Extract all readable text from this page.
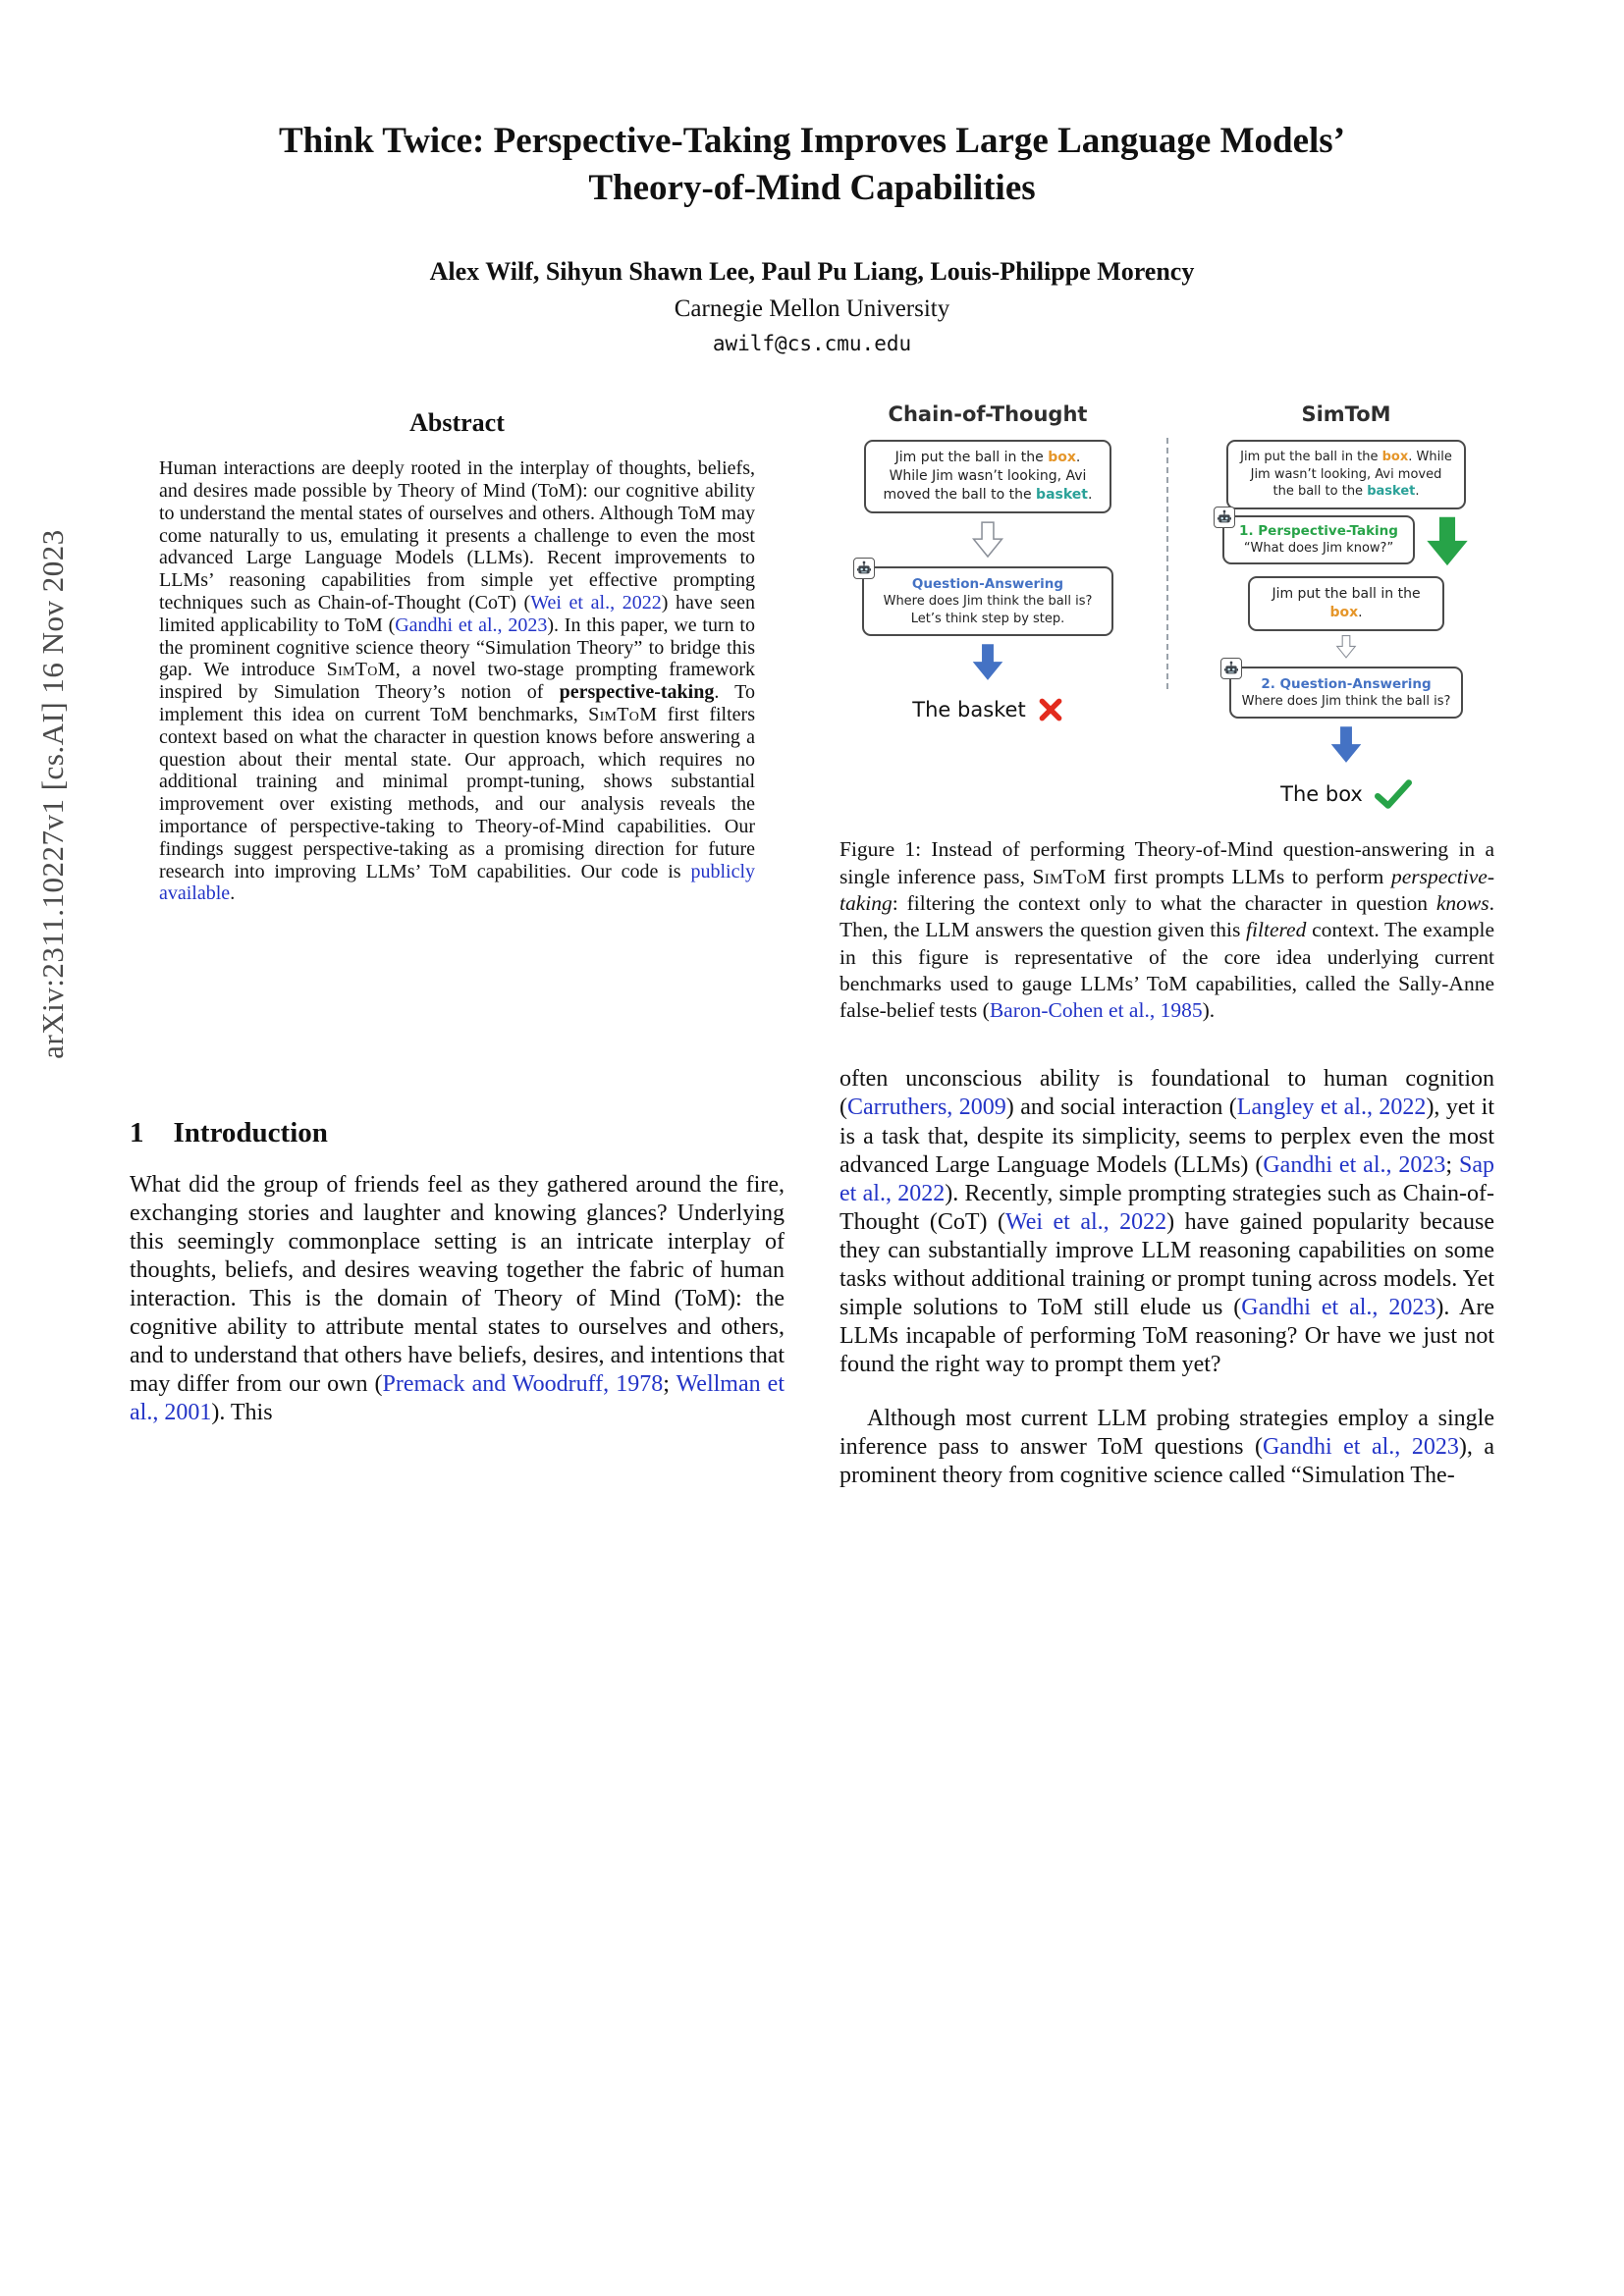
arXiv:2311.10227v1 [cs.AI] 16 Nov 2023
Think Twice: Perspective-Taking Improves Large Language Models’
Theory-of-Mind Capabilities
Alex Wilf, Sihyun Shawn Lee, Paul Pu Liang, Louis-Philippe Morency
Carnegie Mellon University
awilf@cs.cmu.edu
Abstract
Human interactions are deeply rooted in the interplay of thoughts, beliefs, and desires made possible by Theory of Mind (ToM): our cognitive ability to understand the mental states of ourselves and others. Although ToM may come naturally to us, emulating it presents a challenge to even the most advanced Large Language Models (LLMs). Recent improvements to LLMs’ reasoning capabilities from simple yet effective prompting techniques such as Chain-of-Thought (CoT) (Wei et al., 2022) have seen limited applicability to ToM (Gandhi et al., 2023). In this paper, we turn to the prominent cognitive science theory “Simulation Theory” to bridge this gap. We introduce SimToM, a novel two-stage prompting framework inspired by Simulation Theory’s notion of perspective-taking. To implement this idea on current ToM benchmarks, SimToM first filters context based on what the character in question knows before answering a question about their mental state. Our approach, which requires no additional training and minimal prompt-tuning, shows substantial improvement over existing methods, and our analysis reveals the importance of perspective-taking to Theory-of-Mind capabilities. Our findings suggest perspective-taking as a promising direction for future research into improving LLMs’ ToM capabilities. Our code is publicly available.
1 Introduction
What did the group of friends feel as they gathered around the fire, exchanging stories and laughter and knowing glances? Underlying this seemingly commonplace setting is an intricate interplay of thoughts, beliefs, and desires weaving together the fabric of human interaction. This is the domain of Theory of Mind (ToM): the cognitive ability to attribute mental states to ourselves and others, and to understand that others have beliefs, desires, and intentions that may differ from our own (Premack and Woodruff, 1978; Wellman et al., 2001). This
Chain-of-Thought
Jim put the ball in the box. While Jim wasn’t looking, Avi moved the ball to the basket.
Question-Answering
Where does Jim think the ball is?
Let’s think step by step.
The basket
SimToM
Jim put the ball in the box. While Jim wasn’t looking, Avi moved the ball to the basket.
1. Perspective-Taking
“What does Jim know?”
Jim put the ball in the box.
2. Question-Answering
Where does Jim think the ball is?
The box
Figure 1: Instead of performing Theory-of-Mind question-answering in a single inference pass, SimToM first prompts LLMs to perform perspective-taking: filtering the context only to what the character in question knows. Then, the LLM answers the question given this filtered context. The example in this figure is representative of the core idea underlying current benchmarks used to gauge LLMs’ ToM capabilities, called the Sally-Anne false-belief tests (Baron-Cohen et al., 1985).
often unconscious ability is foundational to human cognition (Carruthers, 2009) and social interaction (Langley et al., 2022), yet it is a task that, despite its simplicity, seems to perplex even the most advanced Large Language Models (LLMs) (Gandhi et al., 2023; Sap et al., 2022). Recently, simple prompting strategies such as Chain-of-Thought (CoT) (Wei et al., 2022) have gained popularity because they can substantially improve LLM reasoning capabilities on some tasks without additional training or prompt tuning across models. Yet simple solutions to ToM still elude us (Gandhi et al., 2023). Are LLMs incapable of performing ToM reasoning? Or have we just not found the right way to prompt them yet?
Although most current LLM probing strategies employ a single inference pass to answer ToM questions (Gandhi et al., 2023), a prominent theory from cognitive science called “Simulation The-
